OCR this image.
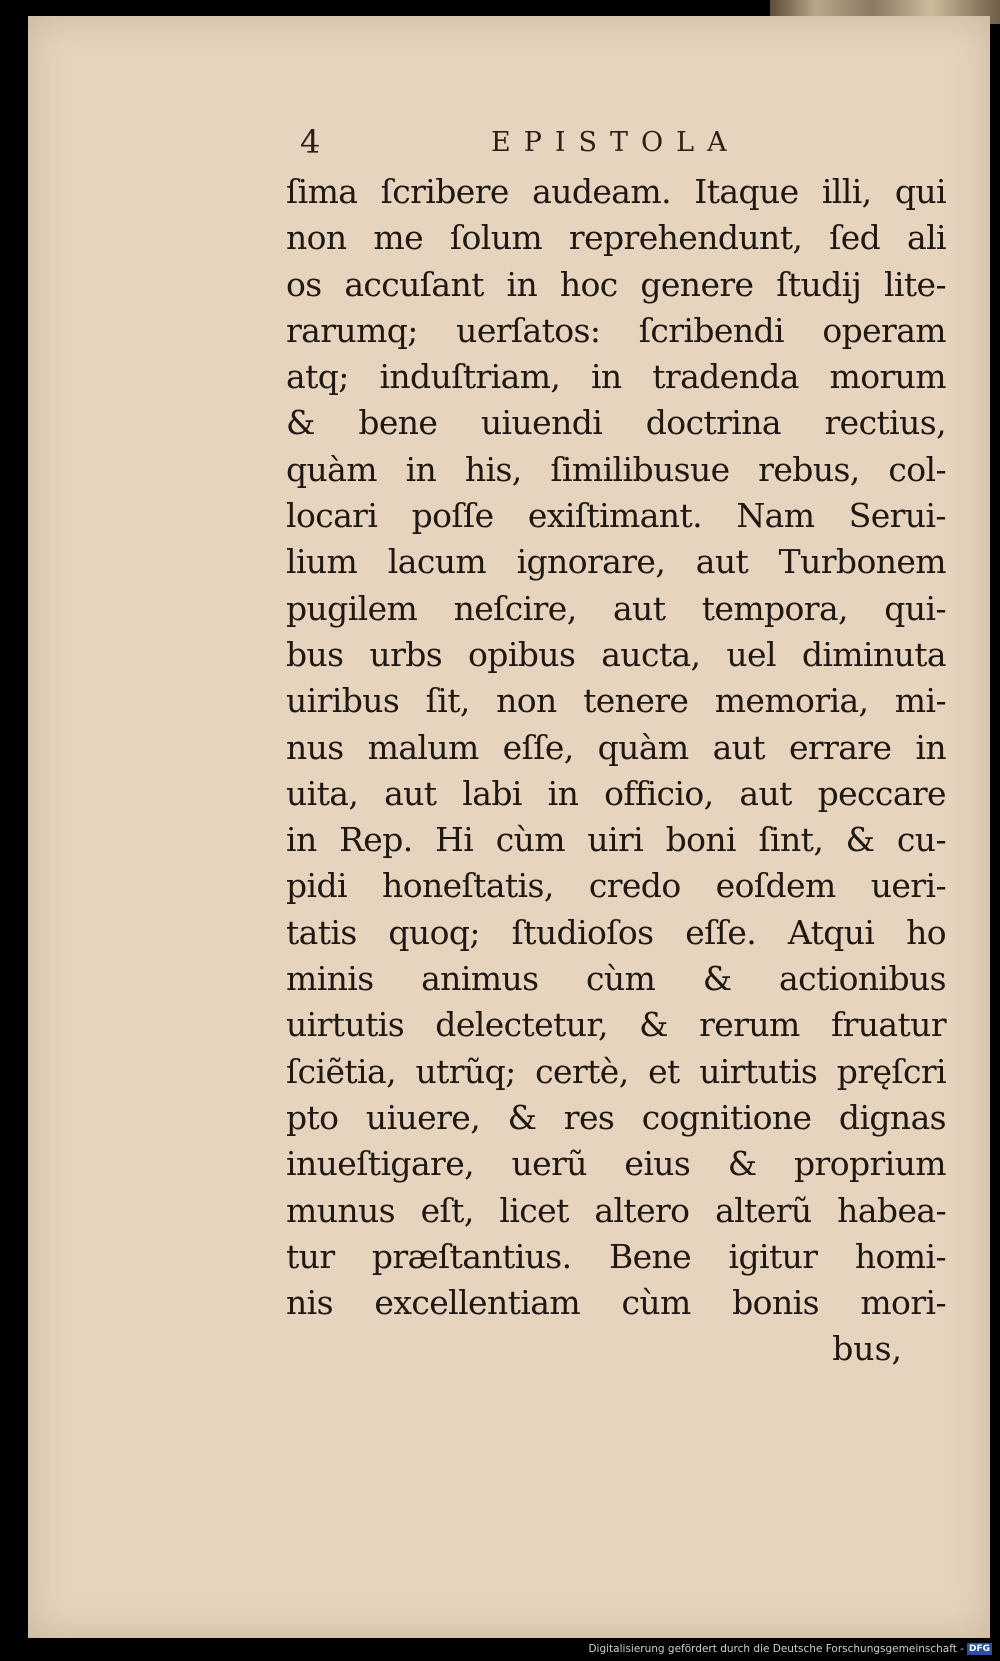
4	EPISTOLA
ſima ſcribere audeam. Itaque illi, qui
non me ſolum reprehendunt, ſed ali
os accuſant in hoc genere ſtudij lite-
rarumq; uerſatos: ſcribendi operam
atq; induſtriam, in tradenda morum
& bene uiuendi doctrina rectius,
quàm in his, ſimilibusue rebus, col-
locari poſſe exiſtimant. Nam Serui-
lium lacum ignorare, aut Turbonem
pugilem neſcire, aut tempora, qui-
bus urbs opibus aucta, uel diminuta
uiribus ſit, non tenere memoria, mi-
nus malum eſſe, quàm aut errare in
uita, aut labi in officio, aut peccare
in Rep. Hi cùm uiri boni ſint, & cu-
pidi honeſtatis, credo eoſdem ueri-
tatis quoq; ſtudioſos eſſe. Atqui ho
minis animus cùm & actionibus
uirtutis delectetur, & rerum fruatur
ſciẽtia, utrũq; certè, et uirtutis pręſcri
pto uiuere, & res cognitione dignas
inueſtigare, uerũ eius & proprium
munus eſt, licet altero alterũ habea-
tur præſtantius. Bene igitur homi-
nis excellentiam cùm bonis mori-
bus,
Digitalisierung gefördert durch die Deutsche Forschungsgemeinschaft - DFG
